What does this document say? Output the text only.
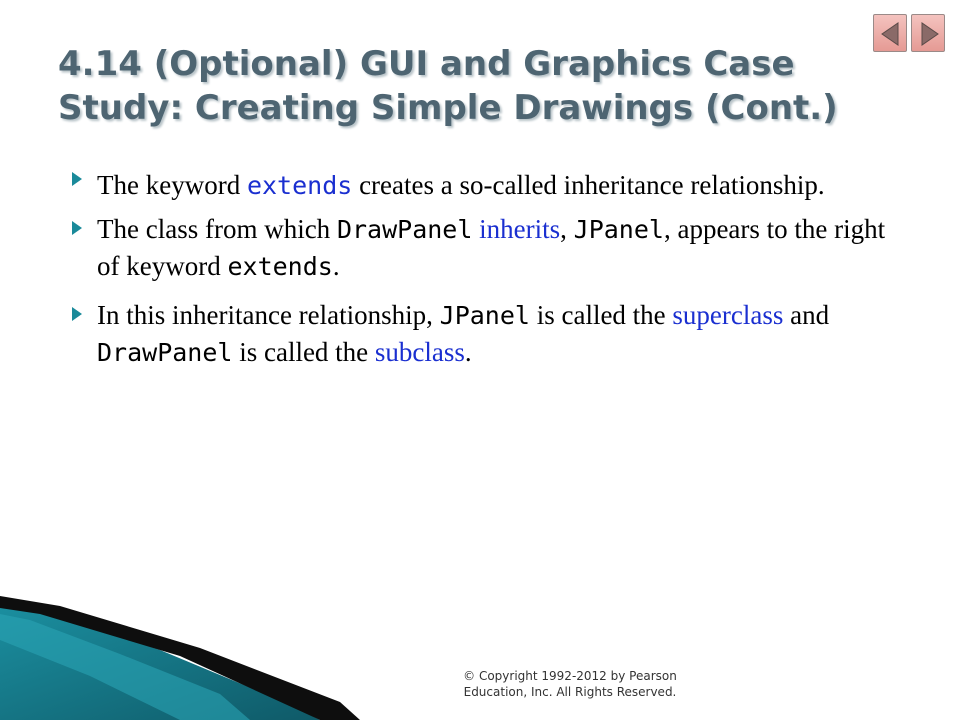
4.14 (Optional) GUI and Graphics Case
Study: Creating Simple Drawings (Cont.)
The keyword extends creates a so-called inheritance relationship.
The class from which DrawPanel inherits, JPanel, appears to the right of keyword extends.
In this inheritance relationship, JPanel is called the superclass and DrawPanel is called the subclass.
© Copyright 1992-2012 by Pearson
Education, Inc. All Rights Reserved.
